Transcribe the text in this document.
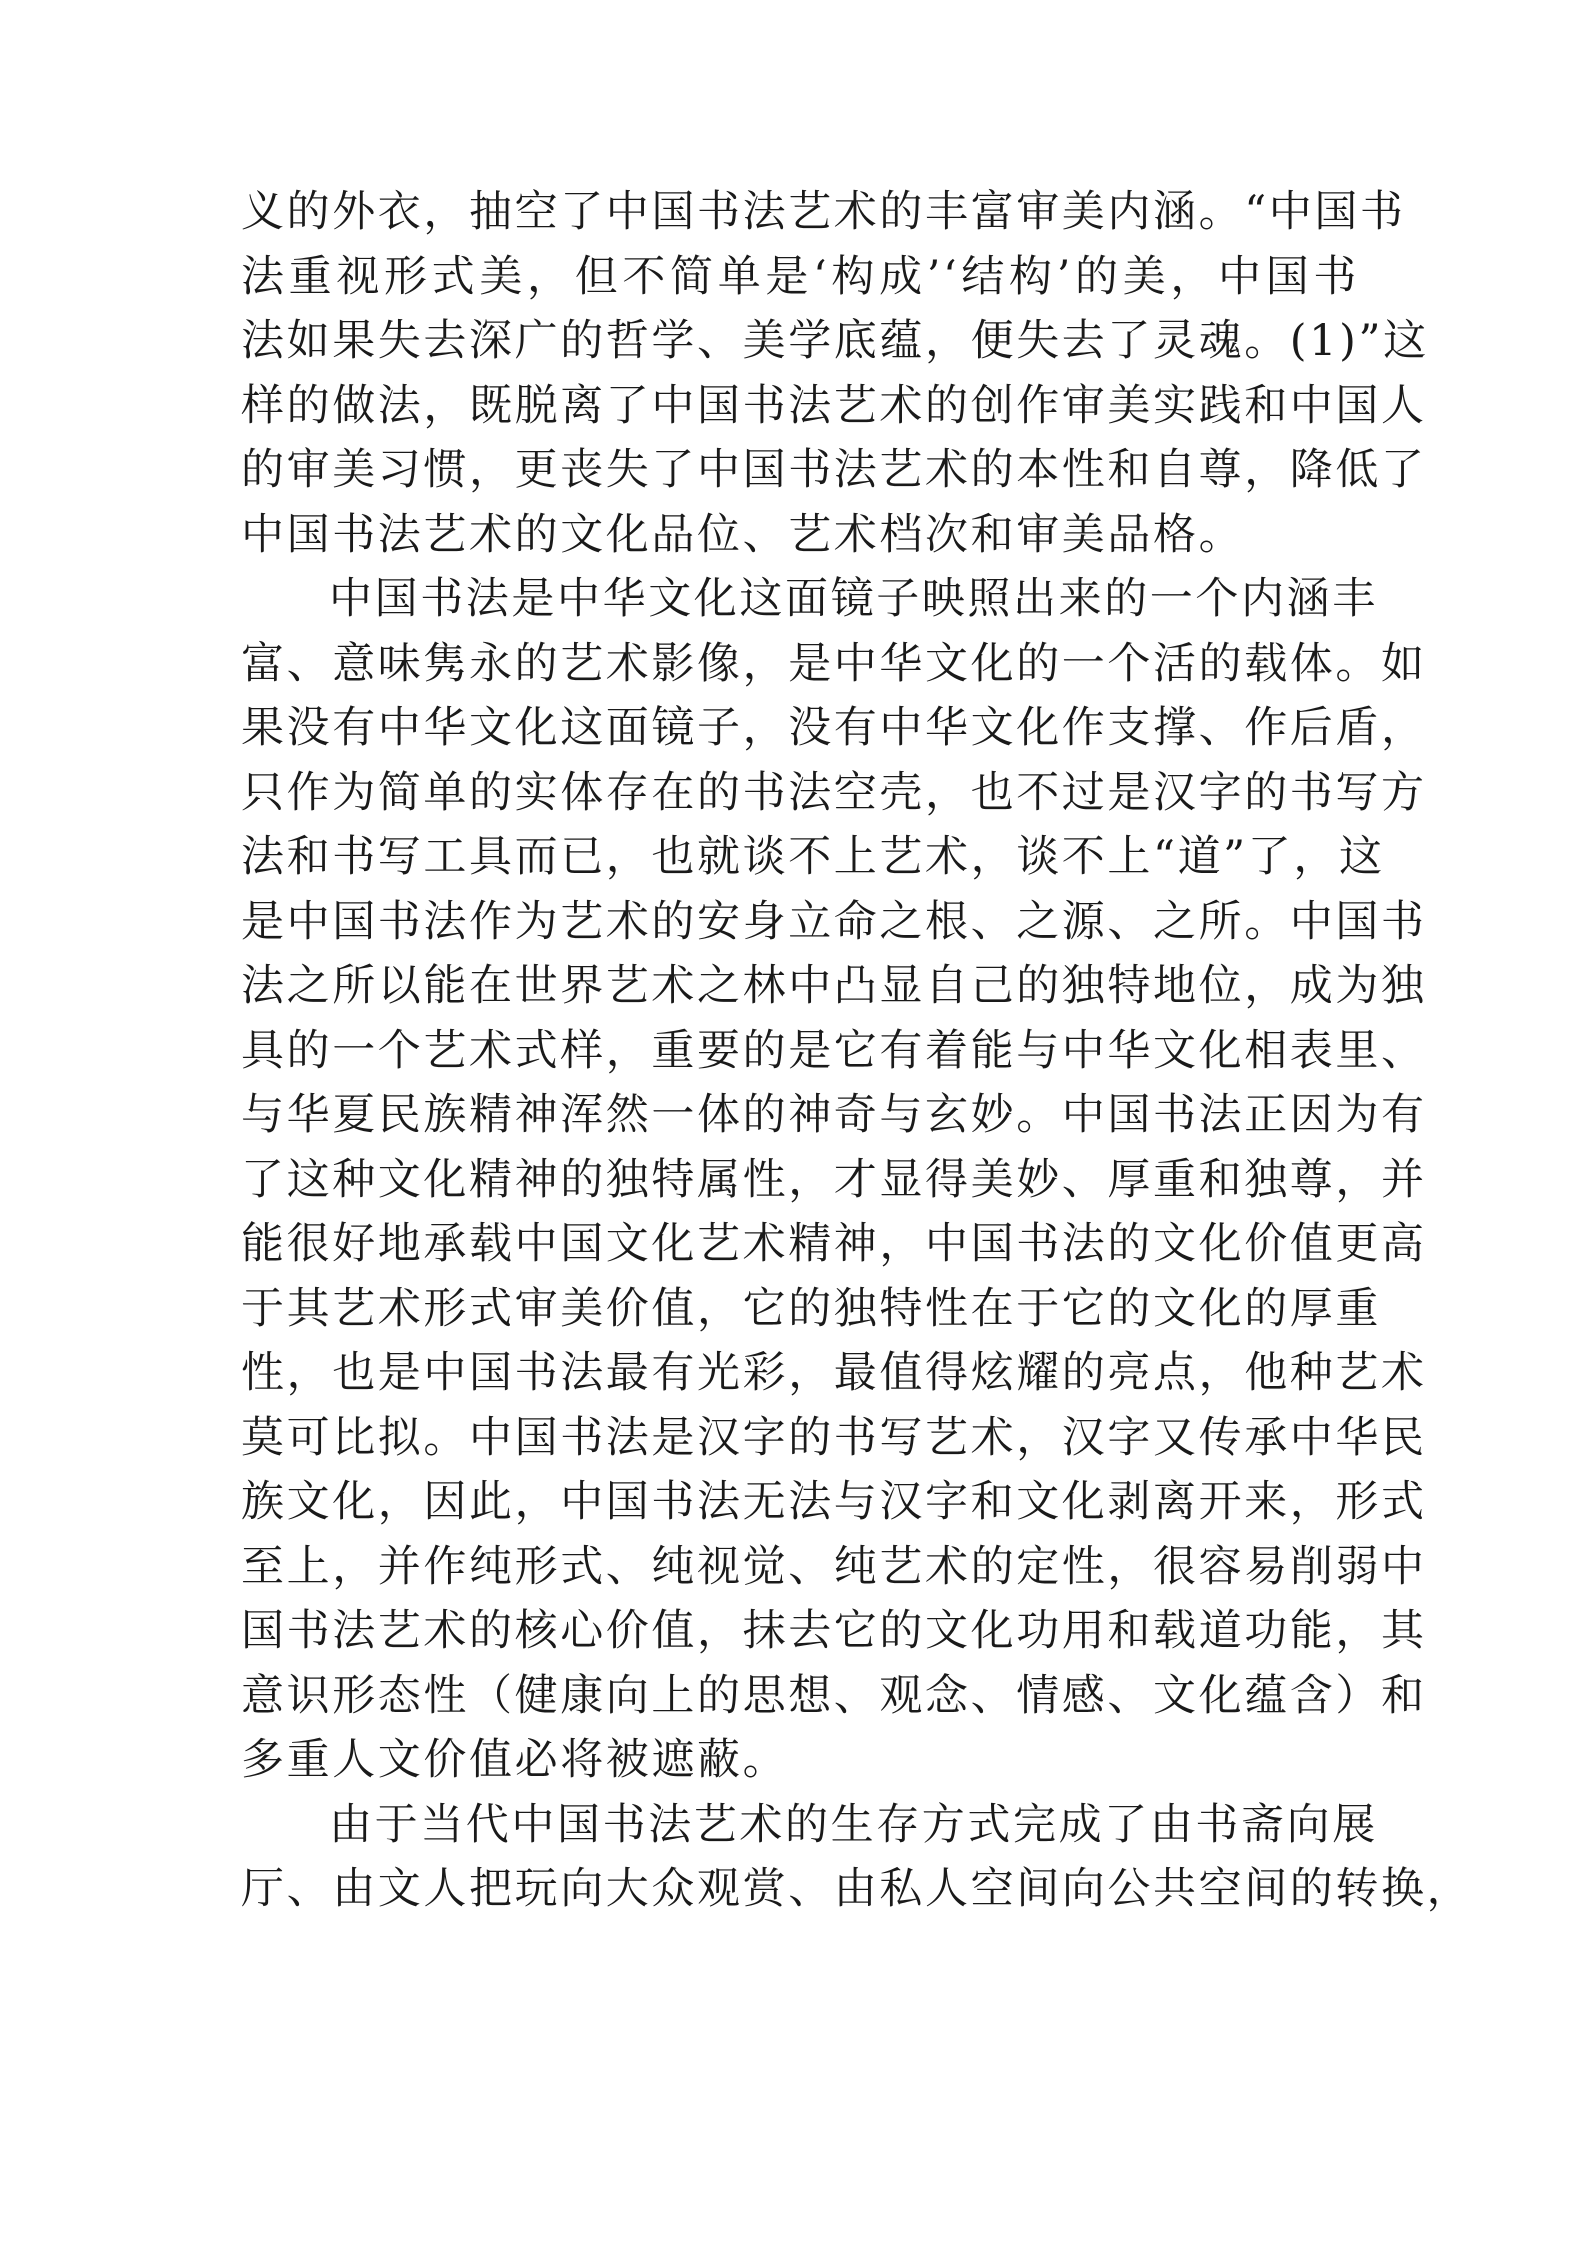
义的外衣，抽空了中国书法艺术的丰富审美内涵。“中国书
法重视形式美，但不简单是‘构成’‘结构’的美，中国书
法如果失去深广的哲学、美学底蕴，便失去了灵魂。(1)”这
样的做法，既脱离了中国书法艺术的创作审美实践和中国人
的审美习惯，更丧失了中国书法艺术的本性和自尊，降低了
中国书法艺术的文化品位、艺术档次和审美品格。
中国书法是中华文化这面镜子映照出来的一个内涵丰
富、意味隽永的艺术影像，是中华文化的一个活的载体。如
果没有中华文化这面镜子，没有中华文化作支撑、作后盾，
只作为简单的实体存在的书法空壳，也不过是汉字的书写方
法和书写工具而已，也就谈不上艺术，谈不上“道”了，这
是中国书法作为艺术的安身立命之根、之源、之所。中国书
法之所以能在世界艺术之林中凸显自己的独特地位，成为独
具的一个艺术式样，重要的是它有着能与中华文化相表里、
与华夏民族精神浑然一体的神奇与玄妙。中国书法正因为有
了这种文化精神的独特属性，才显得美妙、厚重和独尊，并
能很好地承载中国文化艺术精神，中国书法的文化价值更高
于其艺术形式审美价值，它的独特性在于它的文化的厚重
性，也是中国书法最有光彩，最值得炫耀的亮点，他种艺术
莫可比拟。中国书法是汉字的书写艺术，汉字又传承中华民
族文化，因此，中国书法无法与汉字和文化剥离开来，形式
至上，并作纯形式、纯视觉、纯艺术的定性，很容易削弱中
国书法艺术的核心价值，抹去它的文化功用和载道功能，其
意识形态性（健康向上的思想、观念、情感、文化蕴含）和
多重人文价值必将被遮蔽。
由于当代中国书法艺术的生存方式完成了由书斋向展
厅、由文人把玩向大众观赏、由私人空间向公共空间的转换，
